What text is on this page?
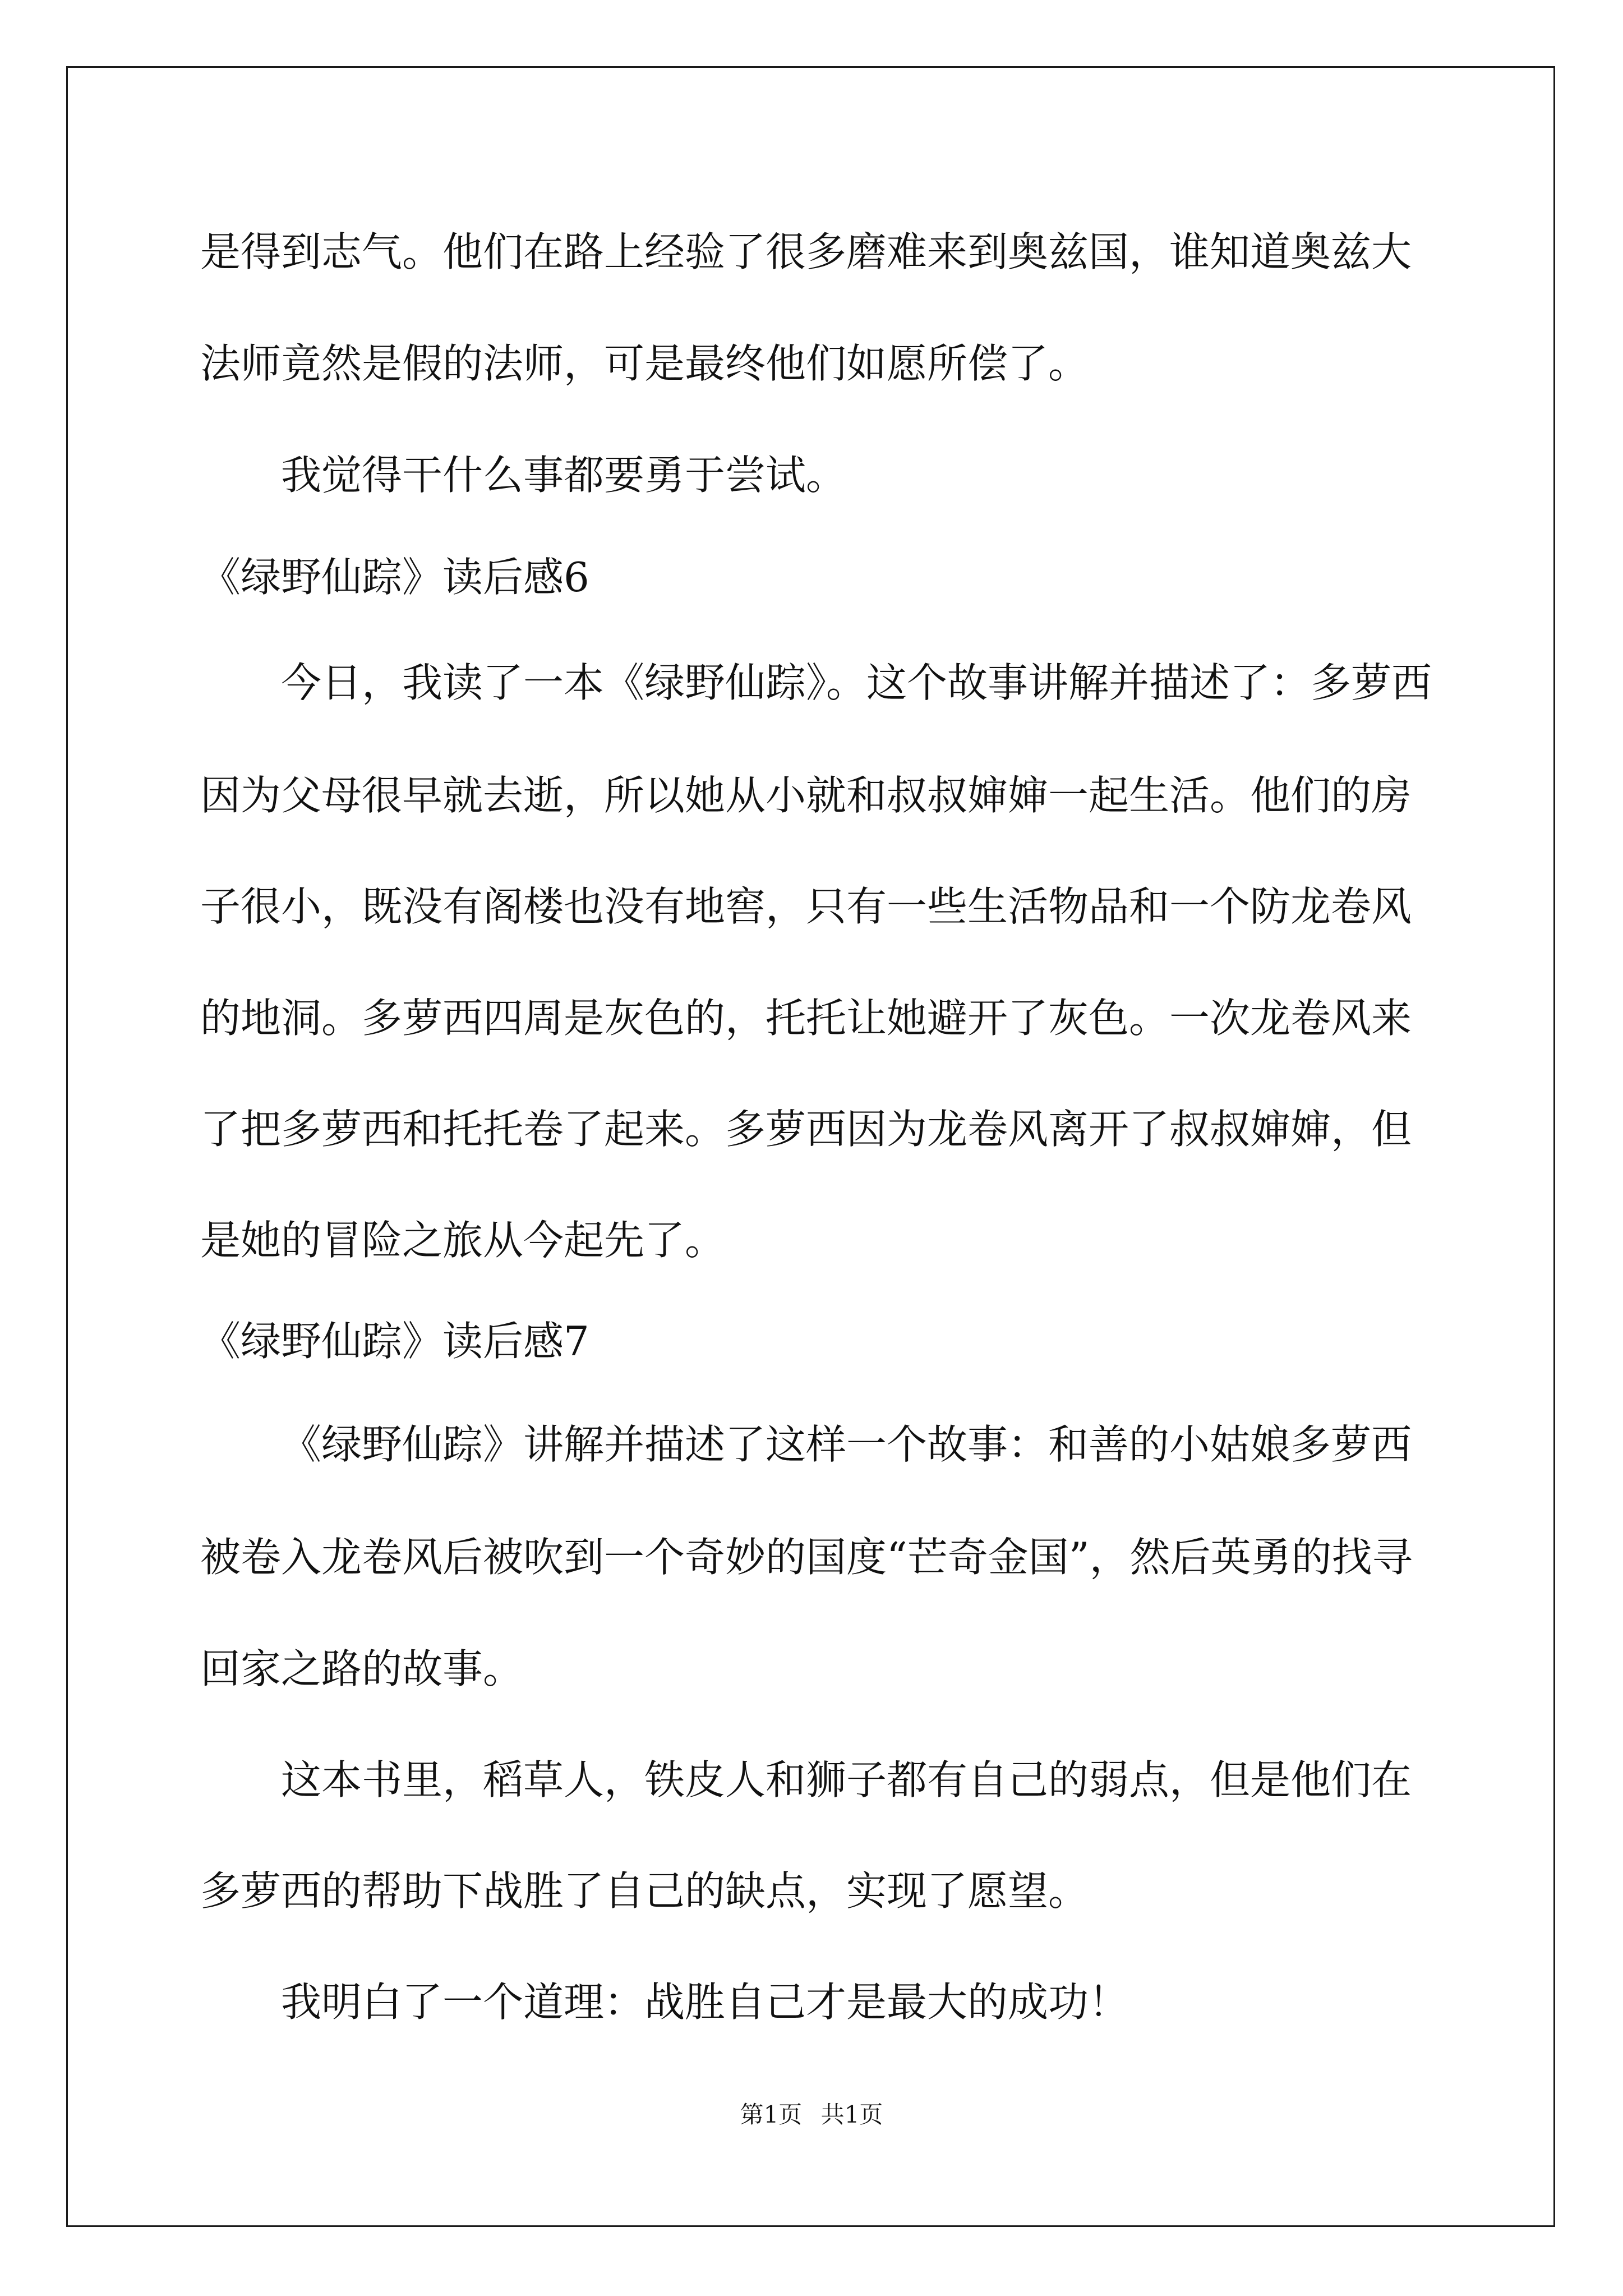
是得到志气。他们在路上经验了很多磨难来到奥兹国，谁知道奥兹大
法师竟然是假的法师，可是最终他们如愿所偿了。
我觉得干什么事都要勇于尝试。
《绿野仙踪》读后感6
今日，我读了一本《绿野仙踪》。这个故事讲解并描述了：多萝西
因为父母很早就去逝，所以她从小就和叔叔婶婶一起生活。他们的房
子很小，既没有阁楼也没有地窖，只有一些生活物品和一个防龙卷风
的地洞。多萝西四周是灰色的，托托让她避开了灰色。一次龙卷风来
了把多萝西和托托卷了起来。多萝西因为龙卷风离开了叔叔婶婶，但
是她的冒险之旅从今起先了。
《绿野仙踪》读后感7
《绿野仙踪》讲解并描述了这样一个故事：和善的小姑娘多萝西
被卷入龙卷风后被吹到一个奇妙的国度“芒奇金国”，然后英勇的找寻
回家之路的故事。
这本书里，稻草人，铁皮人和狮子都有自己的弱点，但是他们在
多萝西的帮助下战胜了自己的缺点，实现了愿望。
我明白了一个道理：战胜自己才是最大的成功！
第1页 共1页
